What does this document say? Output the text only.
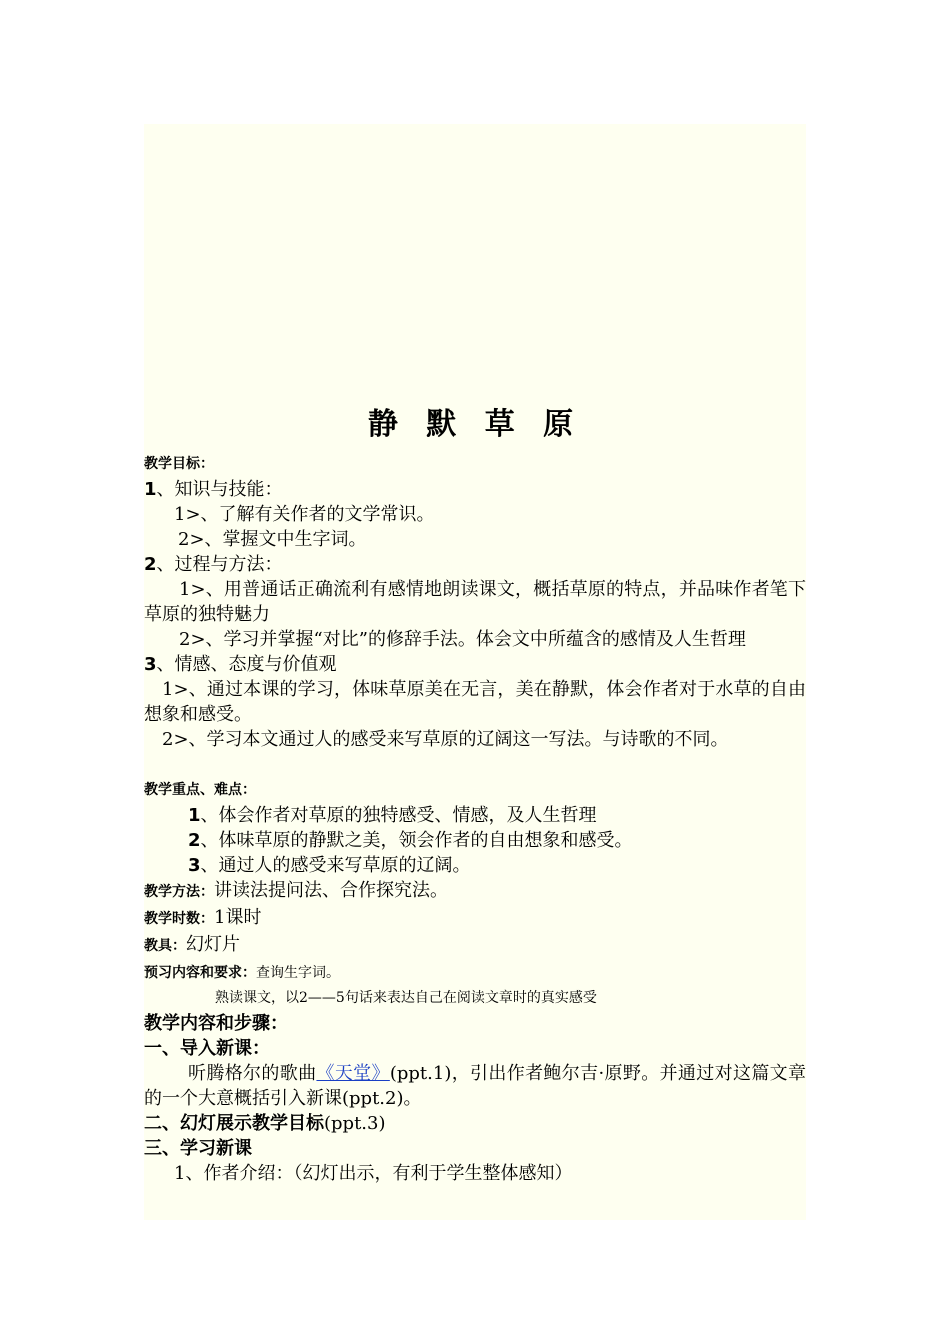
静 默 草 原
教学目标：
1、知识与技能：
1>、了解有关作者的文学常识。
2>、掌握文中生字词。
2、过程与方法：
1>、用普通话正确流利有感情地朗读课文，概括草原的特点，并品味作者笔下草原的独特魅力
2>、学习并掌握“对比”的修辞手法。体会文中所蕴含的感情及人生哲理
3、情感、态度与价值观
1>、通过本课的学习，体味草原美在无言，美在静默，体会作者对于水草的自由想象和感受。
2>、学习本文通过人的感受来写草原的辽阔这一写法。与诗歌的不同。
教学重点、难点：
1、体会作者对草原的独特感受、情感，及人生哲理
2、体味草原的静默之美，领会作者的自由想象和感受。
3、通过人的感受来写草原的辽阔。
教学方法：讲读法提问法、合作探究法。
教学时数：1课时
教具：幻灯片
预习内容和要求：查询生字词。
熟读课文，以2——5句话来表达自己在阅读文章时的真实感受
教学内容和步骤：
一、导入新课：
听腾格尔的歌曲《天堂》(ppt.1)，引出作者鲍尔吉·原野。并通过对这篇文章的一个大意概括引入新课(ppt.2)。
二、幻灯展示教学目标(ppt.3)
三、学习新课
1、作者介绍：（幻灯出示，有利于学生整体感知）
